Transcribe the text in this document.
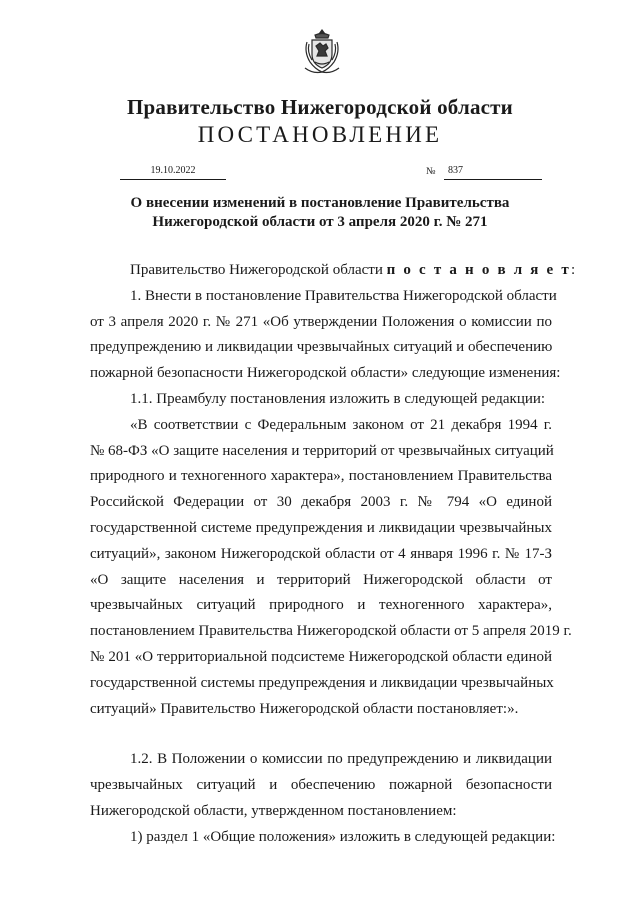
Правительство Нижегородской области
ПОСТАНОВЛЕНИЕ
19.10.2022	№ 837
О внесении изменений в постановление Правительства
Нижегородской области от 3 апреля 2020 г. № 271
Правительство Нижегородской области п о с т а н о в л я е т:
1. Внести в постановление Правительства Нижегородской области
от 3 апреля 2020 г. № 271 «Об утверждении Положения о комиссии по
предупреждению и ликвидации чрезвычайных ситуаций и обеспечению
пожарной безопасности Нижегородской области» следующие изменения:
1.1. Преамбулу постановления изложить в следующей редакции:
«В соответствии с Федеральным законом от 21 декабря 1994 г.
№ 68-ФЗ «О защите населения и территорий от чрезвычайных ситуаций
природного и техногенного характера», постановлением Правительства
Российской Федерации от 30 декабря 2003 г. № 794 «О единой
государственной системе предупреждения и ликвидации чрезвычайных
ситуаций», законом Нижегородской области от 4 января 1996 г. № 17-З
«О защите населения и территорий Нижегородской области от
чрезвычайных ситуаций природного и техногенного характера»,
постановлением Правительства Нижегородской области от 5 апреля 2019 г.
№ 201 «О территориальной подсистеме Нижегородской области единой
государственной системы предупреждения и ликвидации чрезвычайных
ситуаций» Правительство Нижегородской области постановляет:».
1.2. В Положении о комиссии по предупреждению и ликвидации
чрезвычайных ситуаций и обеспечению пожарной безопасности
Нижегородской области, утвержденном постановлением:
1) раздел 1 «Общие положения» изложить в следующей редакции:
